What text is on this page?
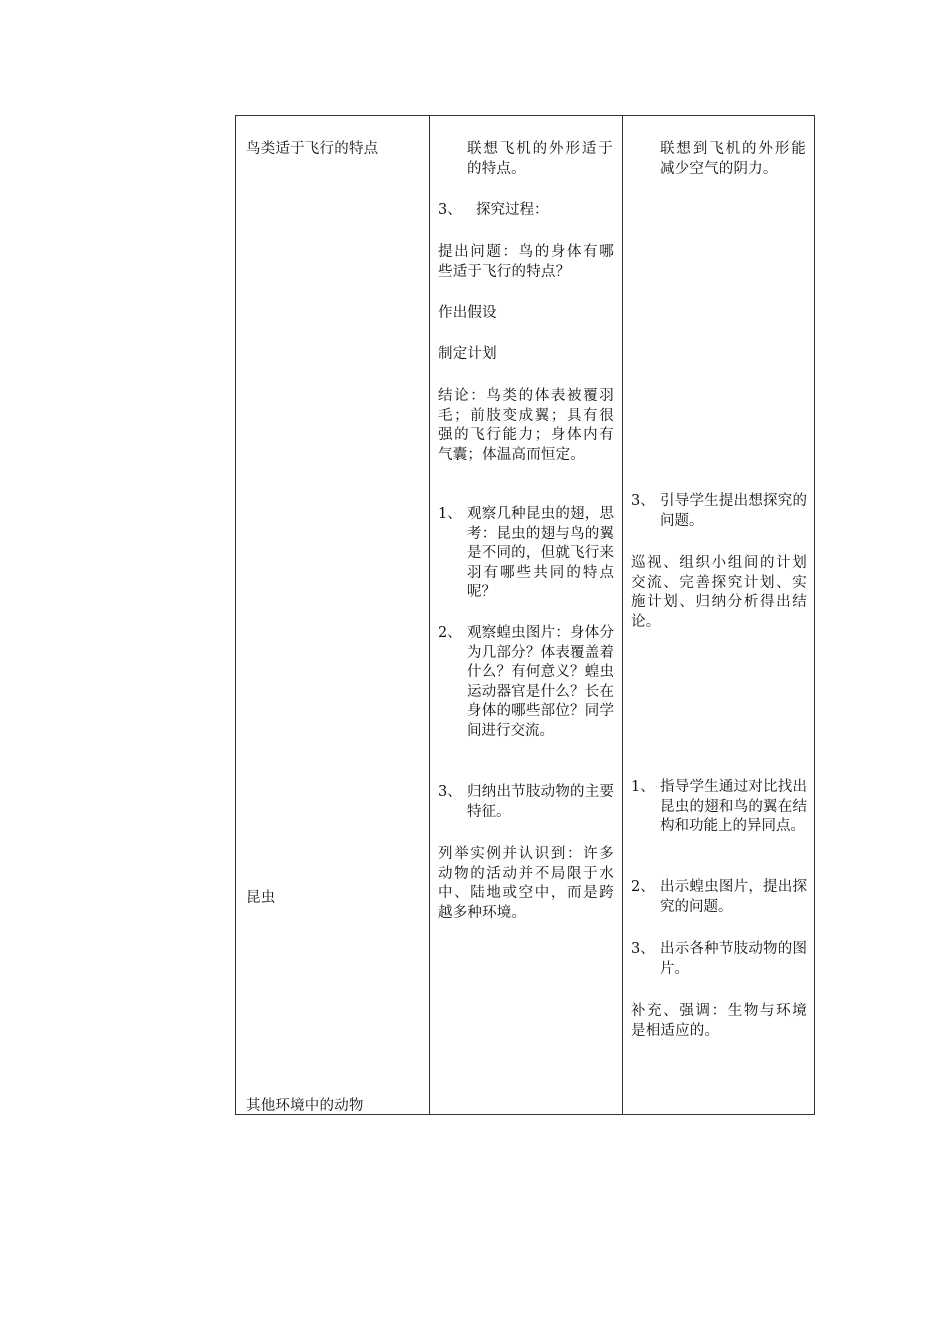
鸟类适于飞行的特点

昆虫

其他环境中的动物

联想飞机的外形适于的特点。

3、 探究过程：

提出问题：鸟的身体有哪些适于飞行的特点？

作出假设

制定计划

结论：鸟类的体表被覆羽毛；前肢变成翼；具有很强的飞行能力；身体内有气囊；体温高而恒定。

1、 观察几种昆虫的翅，思考：昆虫的翅与鸟的翼是不同的，但就飞行来羽有哪些共同的特点呢？
2、 观察蝗虫图片：身体分为几部分？体表覆盖着什么？有何意义？蝗虫运动器官是什么？长在身体的哪些部位？同学间进行交流。
3、 归纳出节肢动物的主要特征。

列举实例并认识到：许多动物的活动并不局限于水中、陆地或空中，而是跨越多种环境。

联想到飞机的外形能减少空气的阴力。

3、 引导学生提出想探究的问题。

巡视、组织小组间的计划交流、完善探究计划、实施计划、归纳分析得出结论。

1、 指导学生通过对比找出昆虫的翅和鸟的翼在结构和功能上的异同点。
2、 出示蝗虫图片，提出探究的问题。
3、 出示各种节肢动物的图片。

补充、强调：生物与环境是相适应的。
